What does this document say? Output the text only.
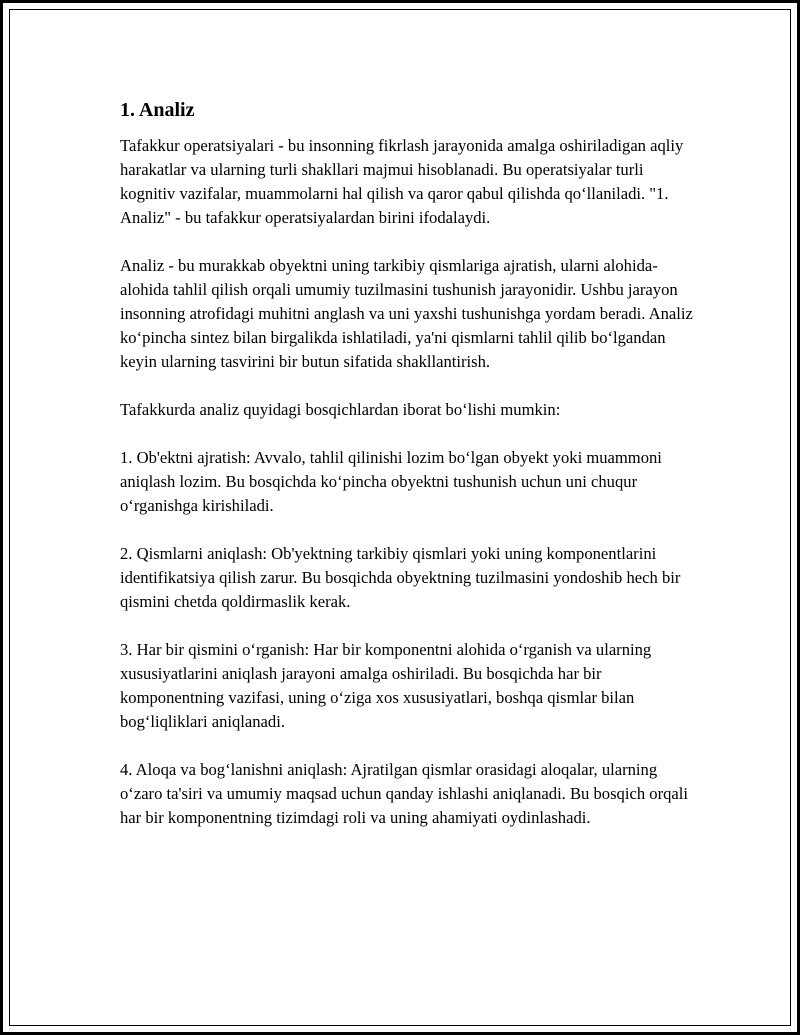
1. Analiz

Tafakkur operatsiyalari - bu insonning fikrlash jarayonida amalga oshiriladigan aqliy harakatlar va ularning turli shakllari majmui hisoblanadi. Bu operatsiyalar turli kognitiv vazifalar, muammolarni hal qilish va qaror qabul qilishda qo‘llaniladi. "1. Analiz" - bu tafakkur operatsiyalardan birini ifodalaydi.

Analiz - bu murakkab obyektni uning tarkibiy qismlariga ajratish, ularni alohida-alohida tahlil qilish orqali umumiy tuzilmasini tushunish jarayonidir. Ushbu jarayon insonning atrofidagi muhitni anglash va uni yaxshi tushunishga yordam beradi. Analiz ko‘pincha sintez bilan birgalikda ishlatiladi, ya'ni qismlarni tahlil qilib bo‘lgandan keyin ularning tasvirini bir butun sifatida shakllantirish.

Tafakkurda analiz quyidagi bosqichlardan iborat bo‘lishi mumkin:

1. Ob'ektni ajratish: Avvalo, tahlil qilinishi lozim bo‘lgan obyekt yoki muammoni aniqlash lozim. Bu bosqichda ko‘pincha obyektni tushunish uchun uni chuqur o‘rganishga kirishiladi.

2. Qismlarni aniqlash: Ob'yektning tarkibiy qismlari yoki uning komponentlarini identifikatsiya qilish zarur. Bu bosqichda obyektning tuzilmasini yondoshib hech bir qismini chetda qoldirmaslik kerak.

3. Har bir qismini o‘rganish: Har bir komponentni alohida o‘rganish va ularning xususiyatlarini aniqlash jarayoni amalga oshiriladi. Bu bosqichda har bir komponentning vazifasi, uning o‘ziga xos xususiyatlari, boshqa qismlar bilan bog‘liqliklari aniqlanadi.

4. Aloqa va bog‘lanishni aniqlash: Ajratilgan qismlar orasidagi aloqalar, ularning o‘zaro ta'siri va umumiy maqsad uchun qanday ishlashi aniqlanadi. Bu bosqich orqali har bir komponentning tizimdagi roli va uning ahamiyati oydinlashadi.
